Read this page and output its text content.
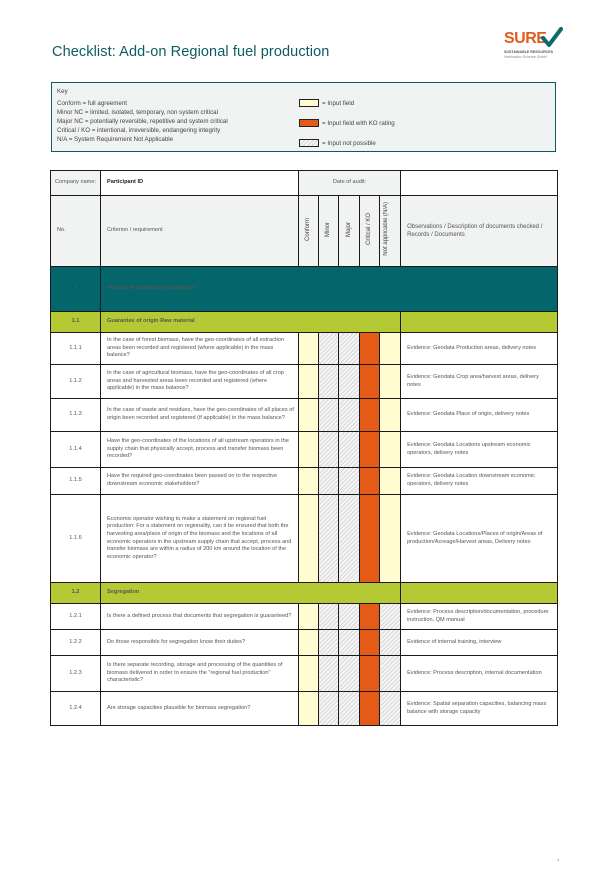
Checklist: Add-on Regional fuel production
SURE
SUSTAINABLE RESOURCES
Verification Scheme GmbH
Key
Conform = full agreement
Minor NC = limited, isolated, temporary, non system critical
Major NC = potentially reversible, repetitive and system critical
Critical / KO = intentional, irreversible, endangering integrity
N/A = System Requirement Not Applicable
= Input field
= Input field with KO rating
= Input not possible
Company name:	Participant ID	Date of audit:					
No.	Criterion / requirement	Conform	Minor	Major	Critical / KO	Not applicable (N/A)	Observations / Description of documents checked / Records / Documents
1	Add-on: Regional fuel production						
1.1	Guarantee of origin Raw material						
1.1.1	In the case of forest biomass, have the geo-coordinates of all extraction areas been recorded and registered (where applicable) in the mass balance?						Evidence: Geodata Production areas, delivery notes
1.1.2	In the case of agricultural biomass, have the geo-coordinates of all crop areas and harvested areas been recorded and registered (where applicable) in the mass balance?						Evidence: Geodata Crop area/harvest areas, delivery notes
1.1.3	In the case of waste and residues, have the geo-coordinates of all places of origin been recorded and registered (if applicable) in the mass balance?						Evidence: Geodata Place of origin, delivery notes
1.1.4	Have the geo-coordinates of the locations of all upstream operators in the supply chain that physically accept, process and transfer biomass been recorded?						Evidence: Geodata Locations upstream economic operators, delivery notes
1.1.5	Have the required geo-coordinates been passed on to the respective downstream economic stakeholders?						Evidence: Geodata Location downstream economic operators, delivery notes
1.1.6	Economic operator wishing to make a statement on regional fuel production: For a statement on regionality, can it be ensured that both the harvesting area/place of origin of the biomass and the locations of all economic operators in the upstream supply chain that accept, process and transfer biomass are within a radius of 200 km around the location of the economic operator?						Evidence: Geodata Locations/Places of origin/Areas of production/Acreage/Harvest areas, Delivery notes
1.2	Segregation						
1.2.1	Is there a defined process that documents that segregation is guaranteed?						Evidence: Process description/documentation, procedure instruction, QM manual
1.2.2	Do those responsible for segregation know their duties?						Evidence of internal training, interview
1.2.3	Is there separate recording, storage and processing of the quantities of biomass delivered in order to ensure the "regional fuel production" characteristic?						Evidence: Process description, internal documentation
1.2.4	Are storage capacities plausible for biomass segregation?						Evidence: Spatial separation capacities, balancing mass balance with storage capacity
1
